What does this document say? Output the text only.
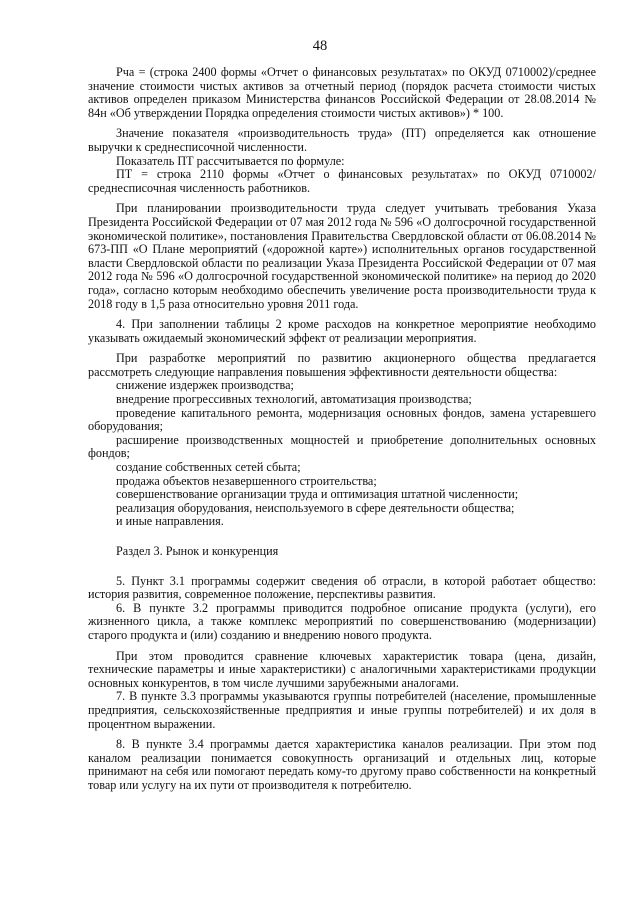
48

Рча = (строка 2400 формы «Отчет о финансовых результатах» по ОКУД 0710002)/среднее значение стоимости чистых активов за отчетный период (порядок расчета стоимости чистых активов определен приказом Министерства финансов Российской Федерации от 28.08.2014 № 84н «Об утверждении Порядка определения стоимости чистых активов») * 100.

Значение показателя «производительность труда» (ПТ) определяется как отношение выручки к среднесписочной численности.

Показатель ПТ рассчитывается по формуле:

ПТ = строка 2110 формы «Отчет о финансовых результатах» по ОКУД 0710002/среднесписочная численность работников.

При планировании производительности труда следует учитывать требования Указа Президента Российской Федерации от 07 мая 2012 года № 596 «О долгосрочной государственной экономической политике», постановления Правительства Свердловской области от 06.08.2014 № 673-ПП «О Плане мероприятий («дорожной карте») исполнительных органов государственной власти Свердловской области по реализации Указа Президента Российской Федерации от 07 мая 2012 года № 596 «О долгосрочной государственной экономической политике» на период до 2020 года», согласно которым необходимо обеспечить увеличение роста производительности труда к 2018 году в 1,5 раза относительно уровня 2011 года.

4. При заполнении таблицы 2 кроме расходов на конкретное мероприятие необходимо указывать ожидаемый экономический эффект от реализации мероприятия.

При разработке мероприятий по развитию акционерного общества предлагается рассмотреть следующие направления повышения эффективности деятельности общества:

снижение издержек производства;

внедрение прогрессивных технологий, автоматизация производства;

проведение капитального ремонта, модернизация основных фондов, замена устаревшего оборудования;

расширение производственных мощностей и приобретение дополнительных основных фондов;

создание собственных сетей сбыта;

продажа объектов незавершенного строительства;

совершенствование организации труда и оптимизация штатной численности;

реализация оборудования, неиспользуемого в сфере деятельности общества;

и иные направления.

Раздел 3. Рынок и конкуренция

5. Пункт 3.1 программы содержит сведения об отрасли, в которой работает общество: история развития, современное положение, перспективы развития.

6. В пункте 3.2 программы приводится подробное описание продукта (услуги), его жизненного цикла, а также комплекс мероприятий по совершенствованию (модернизации) старого продукта и (или) созданию и внедрению нового продукта.

При этом проводится сравнение ключевых характеристик товара (цена, дизайн, технические параметры и иные характеристики) с аналогичными характеристиками продукции основных конкурентов, в том числе лучшими зарубежными аналогами.

7. В пункте 3.3 программы указываются группы потребителей (население, промышленные предприятия, сельскохозяйственные предприятия и иные группы потребителей) и их доля в процентном выражении.

8. В пункте 3.4 программы дается характеристика каналов реализации. При этом под каналом реализации понимается совокупность организаций и отдельных лиц, которые принимают на себя или помогают передать кому-то другому право собственности на конкретный товар или услугу на их пути от производителя к потребителю.
